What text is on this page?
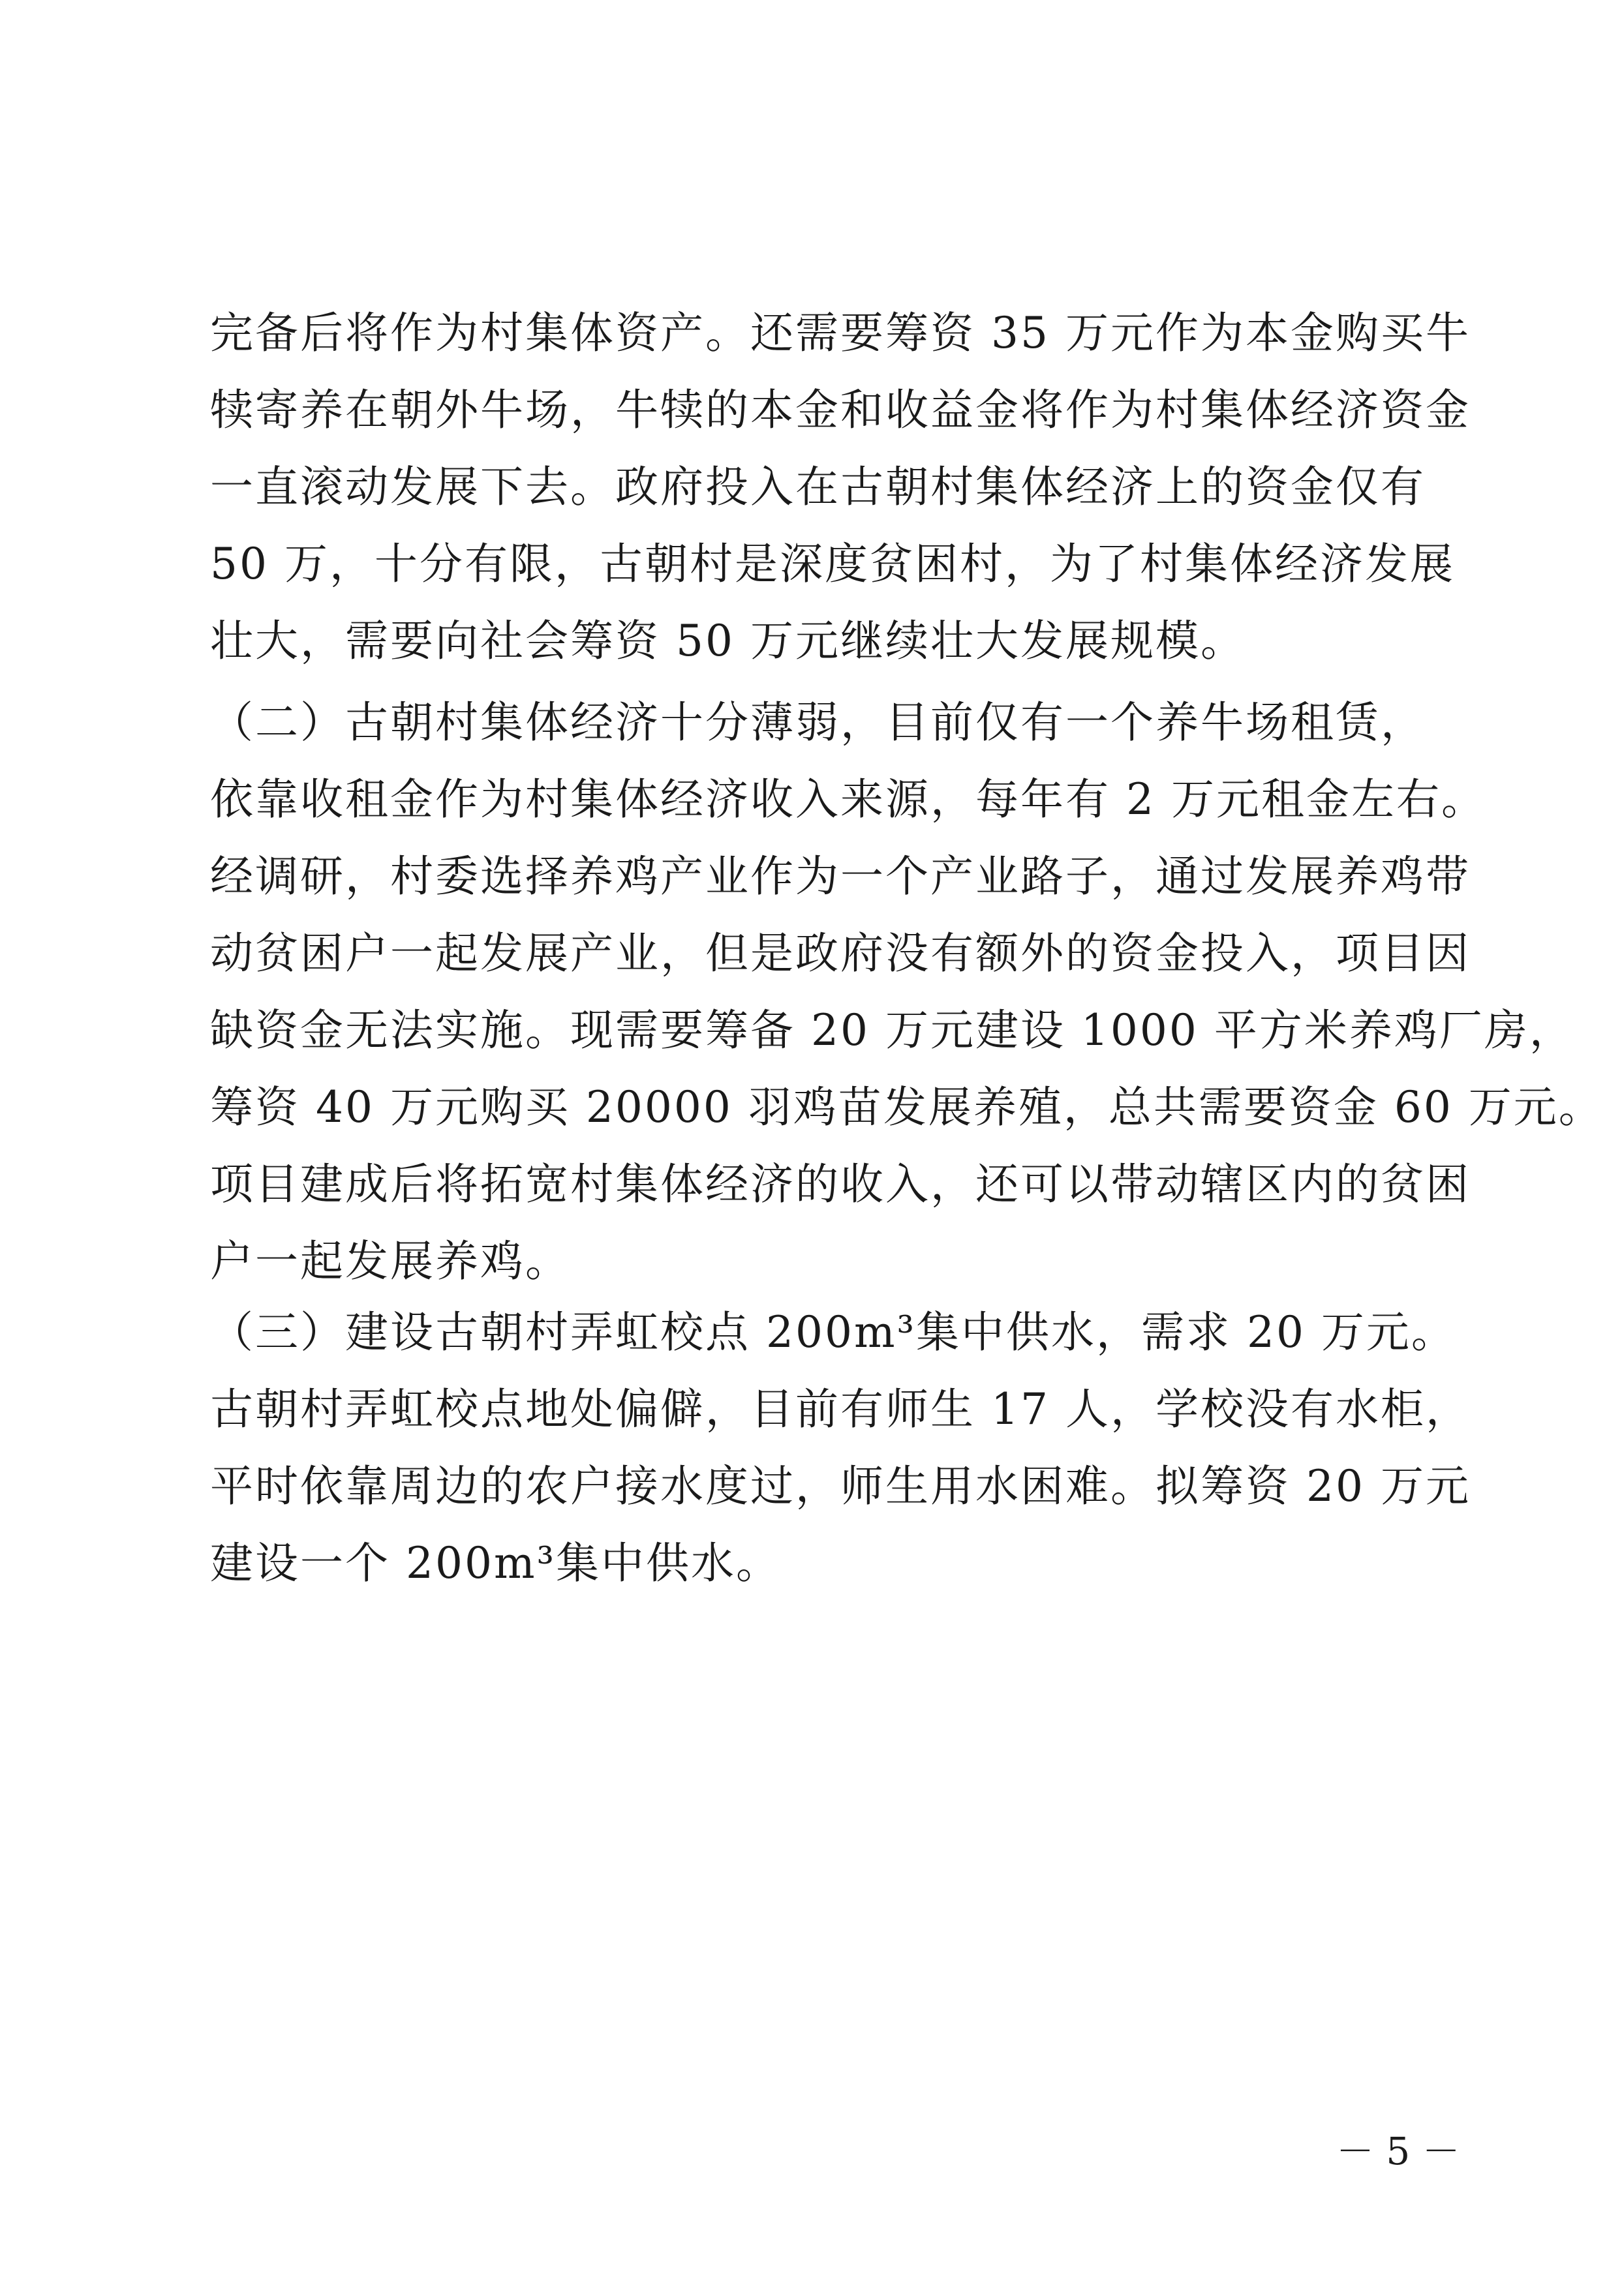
完备后将作为村集体资产。还需要筹资 35 万元作为本金购买牛
犊寄养在朝外牛场，牛犊的本金和收益金将作为村集体经济资金
一直滚动发展下去。政府投入在古朝村集体经济上的资金仅有
50 万，十分有限，古朝村是深度贫困村，为了村集体经济发展
壮大，需要向社会筹资 50 万元继续壮大发展规模。
（二）古朝村集体经济十分薄弱，目前仅有一个养牛场租赁，
依靠收租金作为村集体经济收入来源，每年有 2 万元租金左右。
经调研，村委选择养鸡产业作为一个产业路子，通过发展养鸡带
动贫困户一起发展产业，但是政府没有额外的资金投入，项目因
缺资金无法实施。现需要筹备 20 万元建设 1000 平方米养鸡厂房，
筹资 40 万元购买 20000 羽鸡苗发展养殖，总共需要资金 60 万元。
项目建成后将拓宽村集体经济的收入，还可以带动辖区内的贫困
户一起发展养鸡。
（三）建设古朝村弄虹校点 200m³集中供水，需求 20 万元。
古朝村弄虹校点地处偏僻，目前有师生 17 人，学校没有水柜，
平时依靠周边的农户接水度过，师生用水困难。拟筹资 20 万元
建设一个 200m³集中供水。
－ 5 －
